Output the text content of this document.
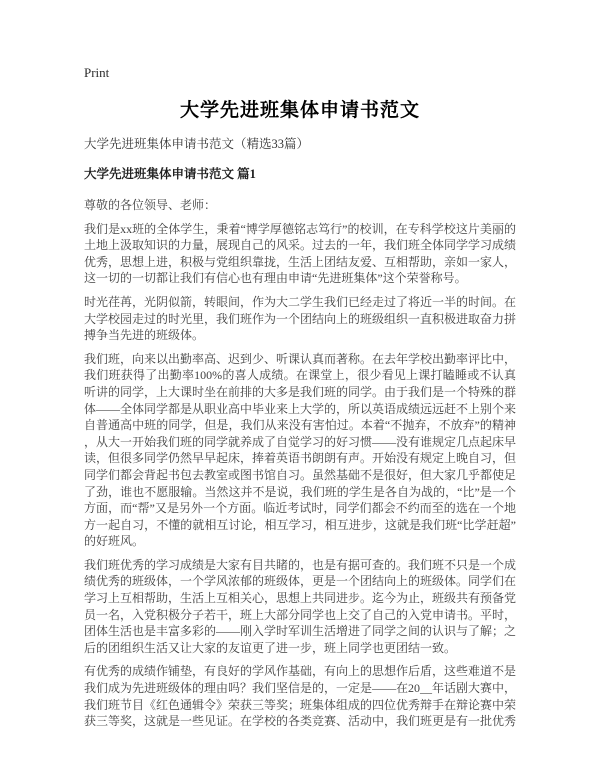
Print
大学先进班集体申请书范文
大学先进班集体申请书范文（精选33篇）
大学先进班集体申请书范文 篇1

尊敬的各位领导、老师：

我们是xx班的全体学生，秉着“博学厚德铭志笃行”的校训，在专科学校这片美丽的土地上汲取知识的力量，展现自己的风采。过去的一年，我们班全体同学学习成绩优秀，思想上进，积极与党组织靠拢，生活上团结友爱、互相帮助，亲如一家人，这一切的一切都让我们有信心也有理由申请“先进班集体”这个荣誉称号。

时光荏苒，光阴似箭，转眼间，作为大二学生我们已经走过了将近一半的时间。在大学校园走过的时光里，我们班作为一个团结向上的班级组织一直积极进取奋力拼搏争当先进的班级体。

我们班，向来以出勤率高、迟到少、听课认真而著称。在去年学校出勤率评比中，我们班获得了出勤率100%的喜人成绩。在课堂上，很少看见上课打瞌睡或不认真听讲的同学，上大课时坐在前排的大多是我们班的同学。由于我们是一个特殊的群体——全体同学都是从职业高中毕业来上大学的，所以英语成绩远远赶不上别个来自普通高中班的同学，但是，我们从来没有害怕过。本着“不抛弃，不放弃”的精神，从大一开始我们班的同学就养成了自觉学习的好习惯——没有谁规定几点起床早读，但很多同学仍然早早起床，捧着英语书朗朗有声。开始没有规定上晚自习，但同学们都会背起书包去教室或图书馆自习。虽然基础不是很好，但大家几乎都使足了劲，谁也不愿服输。当然这并不是说，我们班的学生是各自为战的，“比”是一个方面，而“帮”又是另外一个方面。临近考试时，同学们都会不约而至的选在一个地方一起自习，不懂的就相互讨论，相互学习，相互进步，这就是我们班“比学赶超”的好班风。

我们班优秀的学习成绩是大家有目共睹的，也是有据可查的。我们班不只是一个成绩优秀的班级体，一个学风浓郁的班级体，更是一个团结向上的班级体。同学们在学习上互相帮助，生活上互相关心，思想上共同进步。迄今为止，班级共有预备党员一名，入党积极分子若干，班上大部分同学也上交了自己的入党申请书。平时，团体生活也是丰富多彩的——刚入学时军训生活增进了同学之间的认识与了解；之后的团组织生活又让大家的友谊更了进一步，班上同学也更团结一致。

有优秀的成绩作铺垫，有良好的学风作基础，有向上的思想作后盾，这些难道不是我们成为先进班级体的理由吗？我们坚信是的，一定是——在20__年话剧大赛中，我们班节目《红色通辑令》荣获三等奖；班集体组成的四位优秀辩手在辩论赛中荣获三等奖，这就是一些见证。在学校的各类竞赛、活动中，我们班更是有一批优秀
